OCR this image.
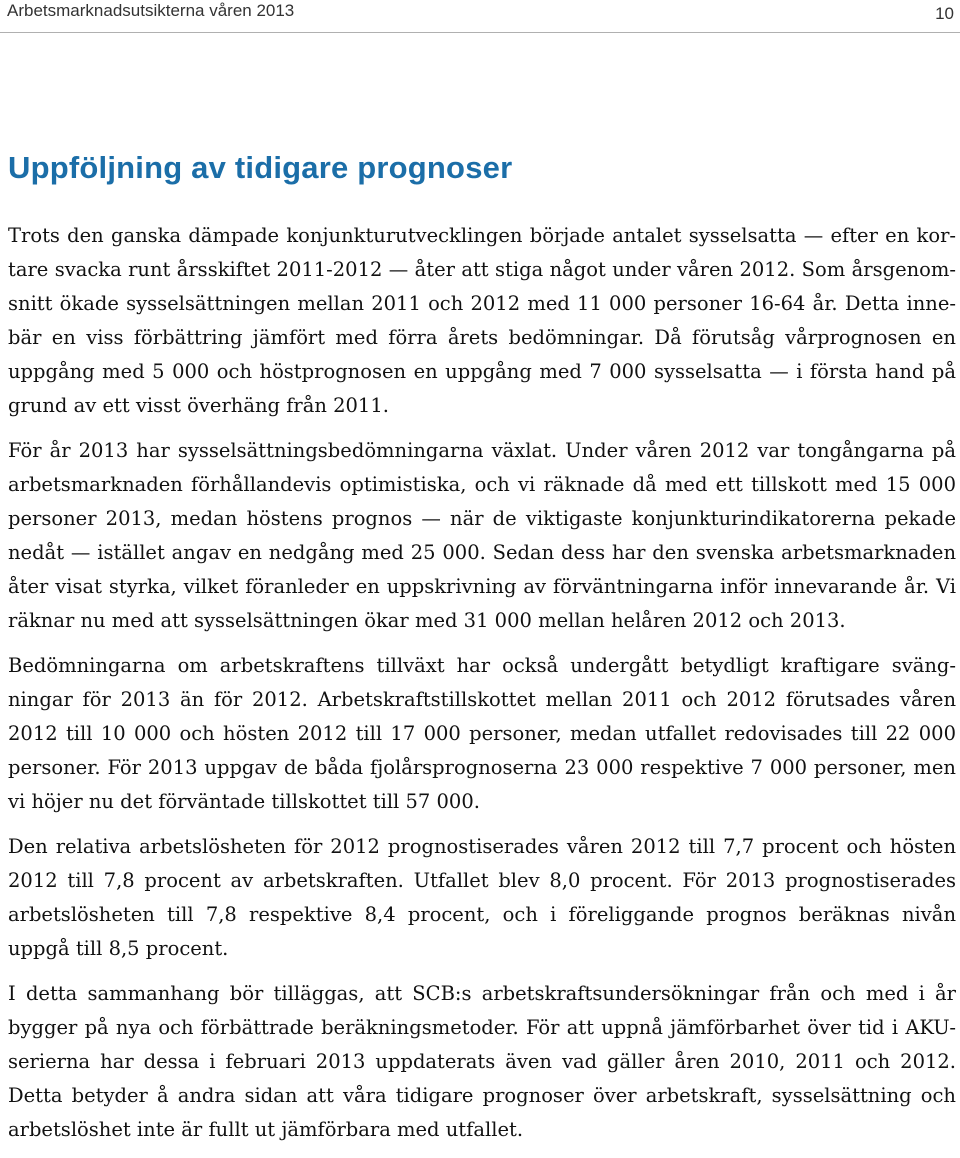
Arbetsmarknadsutsikterna våren 2013	10
Uppföljning av tidigare prognoser

Trots den ganska dämpade konjunkturutvecklingen började antalet sysselsatta — efter en kortare svacka runt årsskiftet 2011-2012 — åter att stiga något under våren 2012. Som årsgenomsnitt ökade sysselsättningen mellan 2011 och 2012 med 11 000 personer 16-64 år. Detta innebär en viss förbättring jämfört med förra årets bedömningar. Då förutsåg vårprognosen en uppgång med 5 000 och höstprognosen en uppgång med 7 000 sysselsatta — i första hand på grund av ett visst överhäng från 2011.

För år 2013 har sysselsättningsbedömningarna växlat. Under våren 2012 var tongångarna på arbetsmarknaden förhållandevis optimistiska, och vi räknade då med ett tillskott med 15 000 personer 2013, medan höstens prognos — när de viktigaste konjunkturindikatorerna pekade nedåt — istället angav en nedgång med 25 000. Sedan dess har den svenska arbetsmarknaden åter visat styrka, vilket föranleder en uppskrivning av förväntningarna inför innevarande år. Vi räknar nu med att sysselsättningen ökar med 31 000 mellan helåren 2012 och 2013.

Bedömningarna om arbetskraftens tillväxt har också undergått betydligt kraftigare svängningar för 2013 än för 2012. Arbetskraftstillskottet mellan 2011 och 2012 förutsades våren 2012 till 10 000 och hösten 2012 till 17 000 personer, medan utfallet redovisades till 22 000 personer. För 2013 uppgav de båda fjolårsprognoserna 23 000 respektive 7 000 personer, men vi höjer nu det förväntade tillskottet till 57 000.

Den relativa arbetslösheten för 2012 prognostiserades våren 2012 till 7,7 procent och hösten 2012 till 7,8 procent av arbetskraften. Utfallet blev 8,0 procent. För 2013 prognostiserades arbetslösheten till 7,8 respektive 8,4 procent, och i föreliggande prognos beräknas nivån uppgå till 8,5 procent.

I detta sammanhang bör tilläggas, att SCB:s arbetskraftsundersökningar från och med i år bygger på nya och förbättrade beräkningsmetoder. För att uppnå jämförbarhet över tid i AKU-serierna har dessa i februari 2013 uppdaterats även vad gäller åren 2010, 2011 och 2012. Detta betyder å andra sidan att våra tidigare prognoser över arbetskraft, sysselsättning och arbetslöshet inte är fullt ut jämförbara med utfallet.
